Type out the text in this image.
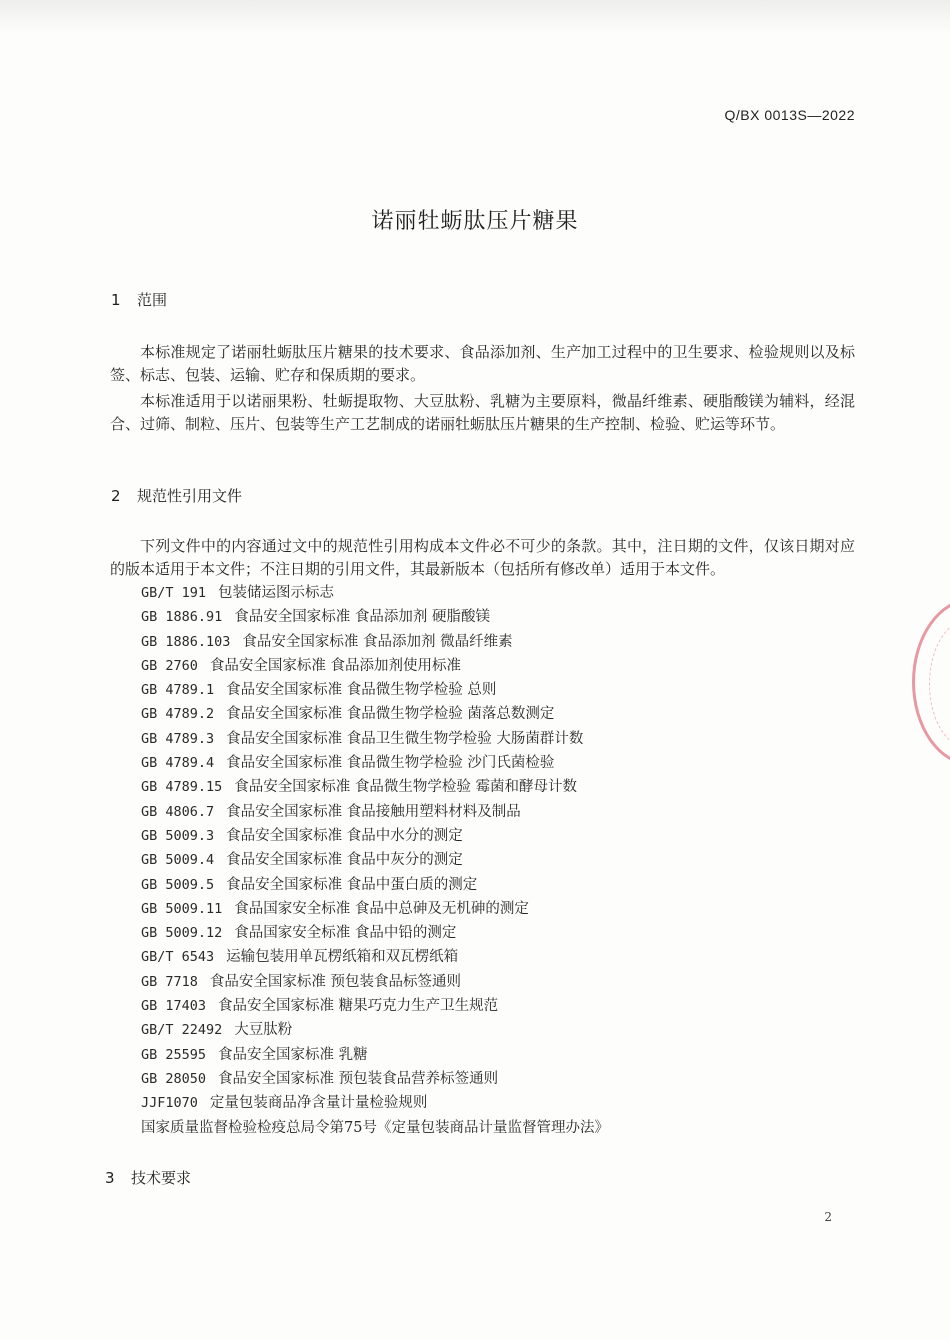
Q/BX 0013S—2022
诺丽牡蛎肽压片糖果
1 范围
本标准规定了诺丽牡蛎肽压片糖果的技术要求、食品添加剂、生产加工过程中的卫生要求、检验规则以及标签、标志、包装、运输、贮存和保质期的要求。
本标准适用于以诺丽果粉、牡蛎提取物、大豆肽粉、乳糖为主要原料，微晶纤维素、硬脂酸镁为辅料，经混合、过筛、制粒、压片、包装等生产工艺制成的诺丽牡蛎肽压片糖果的生产控制、检验、贮运等环节。
2 规范性引用文件
下列文件中的内容通过文中的规范性引用构成本文件必不可少的条款。其中，注日期的文件，仅该日期对应的版本适用于本文件；不注日期的引用文件，其最新版本（包括所有修改单）适用于本文件。
GB/T 191 包装储运图示标志
GB 1886.91 食品安全国家标准 食品添加剂 硬脂酸镁
GB 1886.103 食品安全国家标准 食品添加剂 微晶纤维素
GB 2760 食品安全国家标准 食品添加剂使用标准
GB 4789.1 食品安全国家标准 食品微生物学检验 总则
GB 4789.2 食品安全国家标准 食品微生物学检验 菌落总数测定
GB 4789.3 食品安全国家标准 食品卫生微生物学检验 大肠菌群计数
GB 4789.4 食品安全国家标准 食品微生物学检验 沙门氏菌检验
GB 4789.15 食品安全国家标准 食品微生物学检验 霉菌和酵母计数
GB 4806.7 食品安全国家标准 食品接触用塑料材料及制品
GB 5009.3 食品安全国家标准 食品中水分的测定
GB 5009.4 食品安全国家标准 食品中灰分的测定
GB 5009.5 食品安全国家标准 食品中蛋白质的测定
GB 5009.11 食品国家安全标准 食品中总砷及无机砷的测定
GB 5009.12 食品国家安全标准 食品中铅的测定
GB/T 6543 运输包装用单瓦楞纸箱和双瓦楞纸箱
GB 7718 食品安全国家标准 预包装食品标签通则
GB 17403 食品安全国家标准 糖果巧克力生产卫生规范
GB/T 22492 大豆肽粉
GB 25595 食品安全国家标准 乳糖
GB 28050 食品安全国家标准 预包装食品营养标签通则
JJF1070 定量包装商品净含量计量检验规则
国家质量监督检验检疫总局令第75号《定量包装商品计量监督管理办法》
3 技术要求
2
